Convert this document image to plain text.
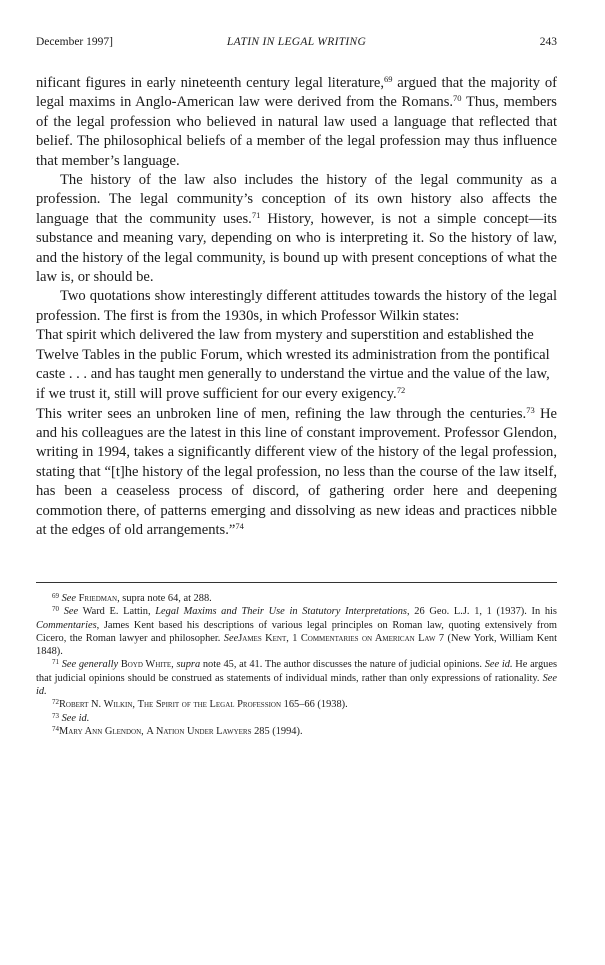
December 1997]	LATIN IN LEGAL WRITING	243

nificant figures in early nineteenth century legal literature,$^{69}$ argued that the majority of legal maxims in Anglo-American law were derived from the Romans.$^{70}$ Thus, members of the legal profession who believed in natural law used a language that reflected that belief. The philosophical beliefs of a member of the legal profession may thus influence that member’s language.

The history of the law also includes the history of the legal community as a profession. The legal community’s conception of its own history also affects the language that the community uses.$^{71}$ History, however, is not a simple concept—its substance and meaning vary, depending on who is interpreting it. So the history of law, and the history of the legal community, is bound up with present conceptions of what the law is, or should be.

Two quotations show interestingly different attitudes towards the history of the legal profession. The first is from the 1930s, in which Professor Wilkin states:

That spirit which delivered the law from mystery and superstition and established the Twelve Tables in the public Forum, which wrested its administration from the pontifical caste . . . and has taught men generally to understand the virtue and the value of the law, if we trust it, still will prove sufficient for our every exigency.$^{72}$

This writer sees an unbroken line of men, refining the law through the centuries.$^{73}$ He and his colleagues are the latest in this line of constant improvement. Professor Glendon, writing in 1994, takes a significantly different view of the history of the legal profession, stating that “[t]he history of the legal profession, no less than the course of the law itself, has been a ceaseless process of discord, of gathering order here and deepening commotion there, of patterns emerging and dissolving as new ideas and practices nibble at the edges of old arrangements.”$^{74}$

$^{69}$ See Friedman, supra note 64, at 288.

$^{70}$ See Ward E. Lattin, Legal Maxims and Their Use in Statutory Interpretations, 26 Geo. L.J. 1, 1 (1937). In his Commentaries, James Kent based his descriptions of various legal principles on Roman law, quoting extensively from Cicero, the Roman lawyer and philosopher. SeeJames Kent, 1 Commentaries on American Law 7 (New York, William Kent 1848).

$^{71}$ See generally Boyd White, supra note 45, at 41. The author discusses the nature of judicial opinions. See id. He argues that judicial opinions should be construed as statements of individual minds, rather than only expressions of rationality. See id.

$^{72}$Robert N. Wilkin, The Spirit of the Legal Profession 165–66 (1938).

$^{73}$ See id.

$^{74}$Mary Ann Glendon, A Nation Under Lawyers 285 (1994).
